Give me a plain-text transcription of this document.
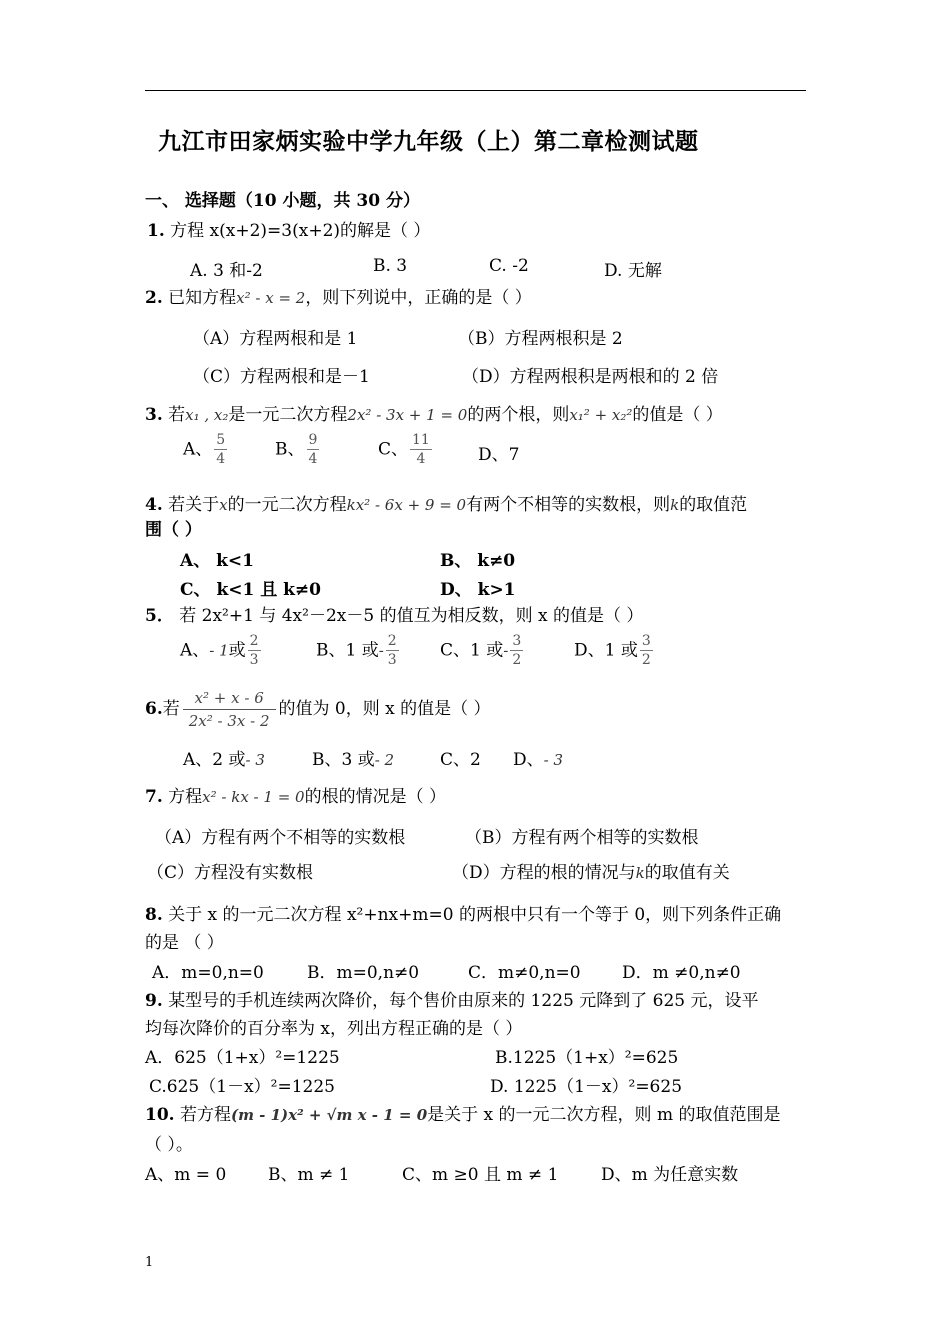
九江市田家炳实验中学九年级（上）第二章检测试题
一、 选择题（10 小题，共 30 分）
1. 方程 x(x+2)=3(x+2)的解是（ ）
A. 3 和-2	B. 3	C. -2	D. 无解
2. 已知方程x² - x = 2，则下列说中，正确的是（ ）
（A）方程两根和是 1	（B）方程两根积是 2
（C）方程两根和是－1	（D）方程两根积是两根和的 2 倍
3. 若x₁ , x₂是一元二次方程2x² - 3x + 1 = 0的两个根，则x₁² + x₂²的值是（ ）
A、 $\frac{5}{4}$	B、 $\frac{9}{4}$	C、 $\frac{11}{4}$	D、7
4. 若关于x的一元二次方程kx² - 6x + 9 = 0有两个不相等的实数根，则k的取值范
围（ ）
A、 k<1	B、 k≠0
C、 k<1 且 k≠0	D、 k>1
5． 若 2x²+1 与 4x²－2x－5 的值互为相反数，则 x 的值是（ ）
A、- 1或 $\frac{2}{3}$	B、1 或- $\frac{2}{3}$ C、1 或- $\frac{3}{2}$	D、1 或 $\frac{3}{2}$
6.若 $\frac{\text{x² + x - 6}}{\text{2x² - 3x - 2}}$ 的值为 0，则 x 的值是（ ）
A、2 或- 3	B、3 或- 2	C、2 D、- 3
7. 方程x² - kx - 1 = 0的根的情况是（ ）
（A）方程有两个不相等的实数根	（B）方程有两个相等的实数根
（C）方程没有实数根	（D）方程的根的情况与k的取值有关
8. 关于 x 的一元二次方程 x²+nx+m=0 的两根中只有一个等于 0，则下列条件正确
的是 （ ）
A．m=0,n=0	B．m=0,n≠0	C．m≠0,n=0 D．m ≠0,n≠0
9. 某型号的手机连续两次降价，每个售价由原来的 1225 元降到了 625 元，设平
均每次降价的百分率为 x，列出方程正确的是（ ）
A．625（1+x）²=1225	B.1225（1+x）²=625
C.625（1－x）²=1225	D. 1225（1－x）²=625
10. 若方程(m - 1)x² + √m x - 1 = 0是关于 x 的一元二次方程，则 m 的取值范围是
（ ）。
A、m = 0 B、m ≠ 1	C、m ≥0 且 m ≠ 1	D、m 为任意实数
1
